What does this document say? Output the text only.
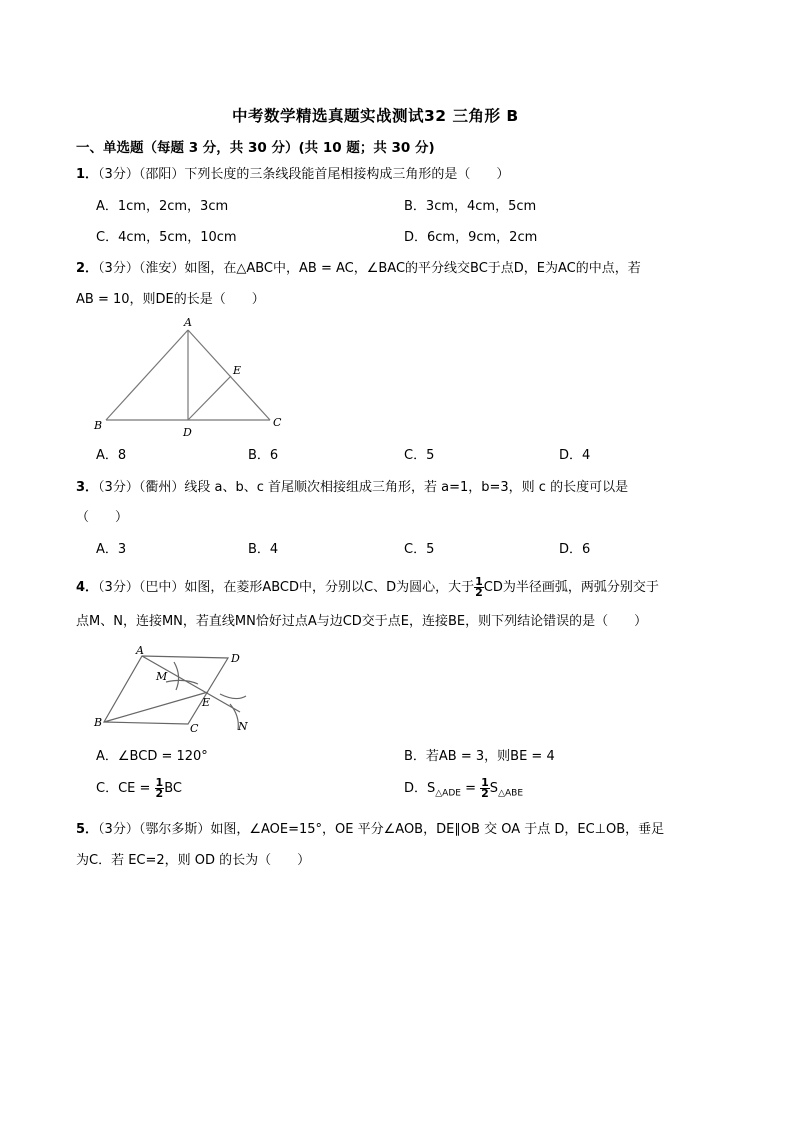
中考数学精选真题实战测试32 三角形 B
一、单选题（每题 3 分，共 30 分）(共 10 题；共 30 分)
1．（3分）（邵阳）下列长度的三条线段能首尾相接构成三角形的是（　　）
A．1cm，2cm，3cm	B．3cm，4cm，5cm
C．4cm，5cm，10cm	D．6cm，9cm，2cm
2．（3分）（淮安）如图，在△ABC中，AB = AC，∠BAC的平分线交BC于点D，E为AC的中点，若
AB = 10，则DE的长是（　　）
A
B	C
D
E
A．8	B．6	C．5	D．4
3．（3分）（衢州）线段 a、b、c 首尾顺次相接组成三角形，若 a=1，b=3，则 c 的长度可以是
（　　）
A．3	B．4	C．5	D．6
4．（3分）（巴中）如图，在菱形ABCD中，分别以C、D为圆心，大于 $\frac{1}{2}$ CD为半径画弧，两弧分别交于
点M、N，连接MN，若直线MN恰好过点A与边CD交于点E，连接BE，则下列结论错误的是（　　）
A
B	C
D
E
M
N
A．∠BCD = 120°	B．若AB = 3，则BE = 4
C．CE = $\frac{1}{2}$ BC	D．$S_{\triangle ADE} = \frac{1}{2} S_{\triangle ABE}$
5．（3分）（鄂尔多斯）如图，∠AOE=15°，OE 平分∠AOB，DE∥OB 交 OA 于点 D，EC⊥OB，垂足
为C．若 EC=2，则 OD 的长为（　　）
